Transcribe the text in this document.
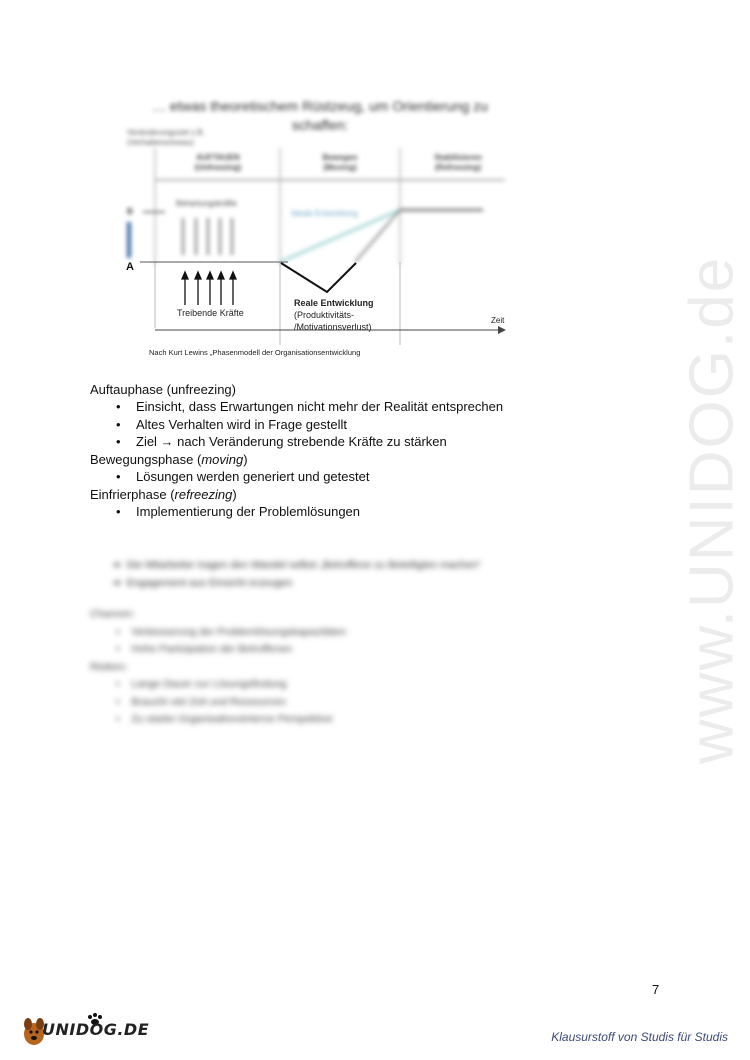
www.UNIDOG.de
… etwas theoretischem Rüstzeug, um Orientierung zu
schaffen:
Veränderungsziel z.B.
(Verhaltensniveau)
AUFTAUEN
(Unfreezing)
Bewegen
(Moving)
Stabilisieren
(Refreezing)
Behartungskräfte
Ideale Entwicklung
B
A
Treibende Kräfte
Reale Entwicklung
(Produktivitäts-
/Motivationsverlust)
Zeit
Nach Kurt Lewins „Phasenmodell der Organisationsentwicklung
Auftauphase (unfreezing)
• Einsicht, dass Erwartungen nicht mehr der Realität entsprechen
• Altes Verhalten wird in Frage gestellt
• Ziel → nach Veränderung strebende Kräfte zu stärken
Bewegungsphase (moving)
• Lösungen werden generiert und getestet
Einfrierphase (refreezing)
• Implementierung der Problemlösungen
➔ Die Mitarbeiter tragen den Wandel selbst „Betroffene zu Beteiligten machen“
➔ Engagement aus Einsicht erzeugen
Chancen:
•    Verbesserung der Problemlösungskapazitäten
•    Hohe Partizipation der Betroffenen
Risiken:
•    Lange Dauer zur Lösungsfindung
•    Braucht viel Zeit und Ressourcen
•    Zu starke Organisationsinterne Perspektive
7
UNIDOG.DE	Klausurstoff von Studis für Studis
